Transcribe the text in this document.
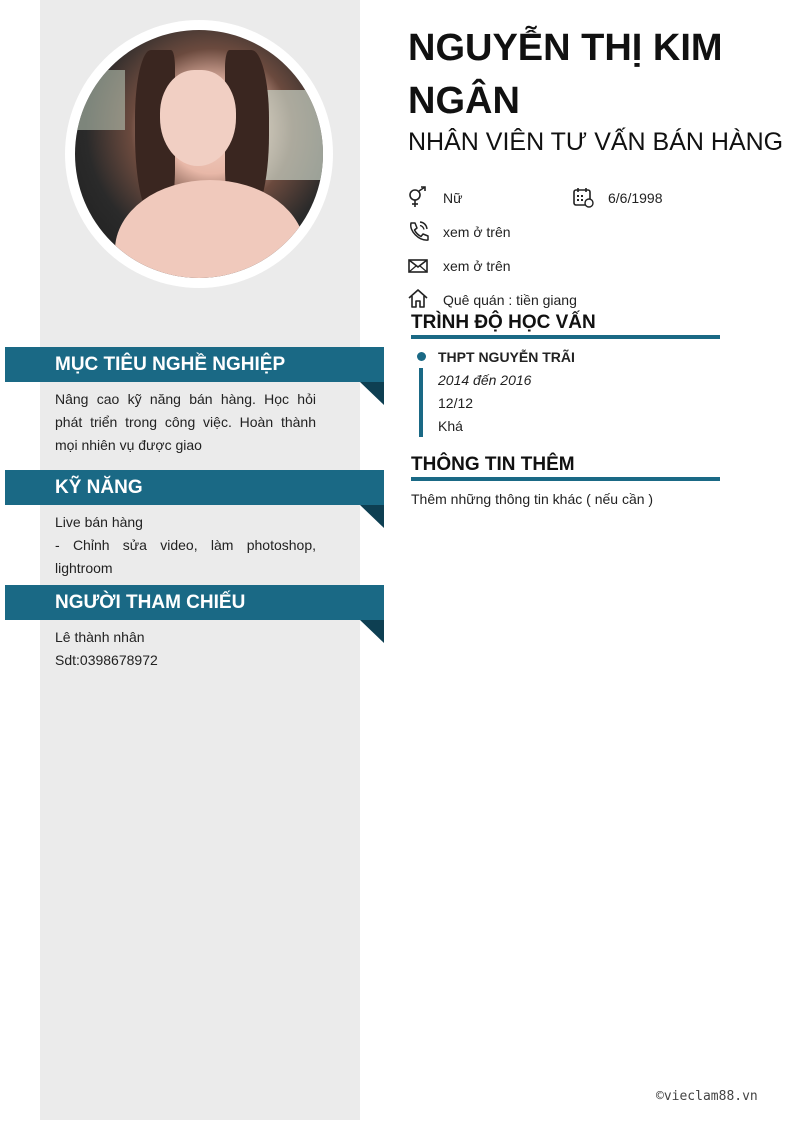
MỤC TIÊU NGHỀ NGHIỆP
Nâng cao kỹ năng bán hàng. Học hỏi phát triển trong công việc. Hoàn thành mọi nhiên vụ được giao
KỸ NĂNG
Live bán hàng
- Chỉnh sửa video, làm photoshop, lightroom
NGƯỜI THAM CHIẾU
Lê thành nhân
Sdt:0398678972
NGUYỄN THỊ KIM NGÂN
NHÂN VIÊN TƯ VẤN BÁN HÀNG
Nữ	6/6/1998
xem ở trên
xem ở trên
Quê quán : tiền giang
TRÌNH ĐỘ HỌC VẤN
THPT NGUYỄN TRÃI
2014 đến 2016
12/12
Khá
THÔNG TIN THÊM
Thêm những thông tin khác ( nếu cần )
©vieclam88.vn
